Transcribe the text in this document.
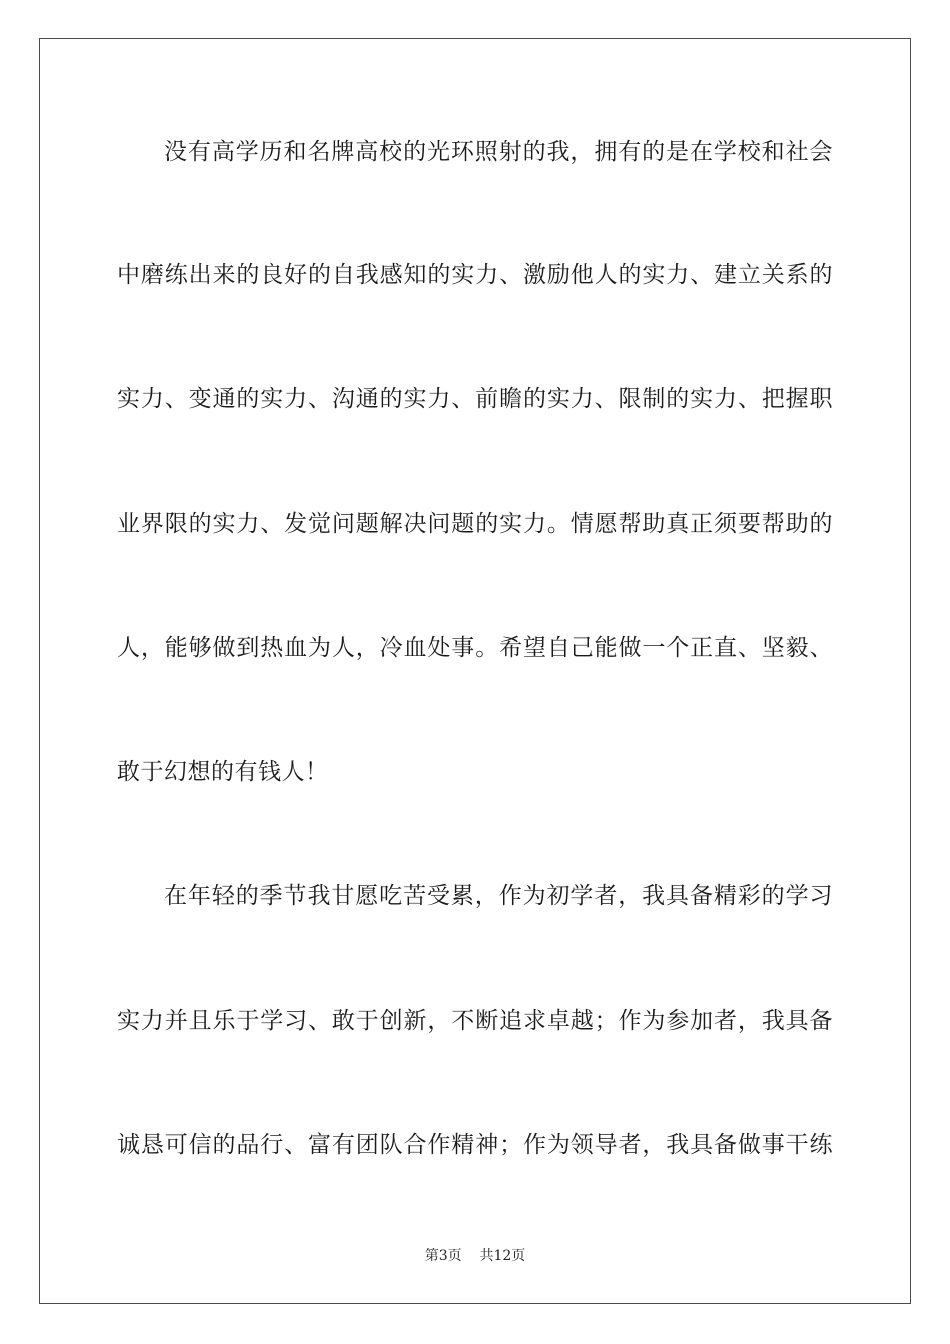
没有高学历和名牌高校的光环照射的我，拥有的是在学校和社会
中磨练出来的良好的自我感知的实力、激励他人的实力、建立关系的
实力、变通的实力、沟通的实力、前瞻的实力、限制的实力、把握职
业界限的实力、发觉问题解决问题的实力。情愿帮助真正须要帮助的
人，能够做到热血为人，冷血处事。希望自己能做一个正直、坚毅、
敢于幻想的有钱人！
在年轻的季节我甘愿吃苦受累，作为初学者，我具备精彩的学习
实力并且乐于学习、敢于创新，不断追求卓越；作为参加者，我具备
诚恳可信的品行、富有团队合作精神；作为领导者，我具备做事干练
第3页    共12页
